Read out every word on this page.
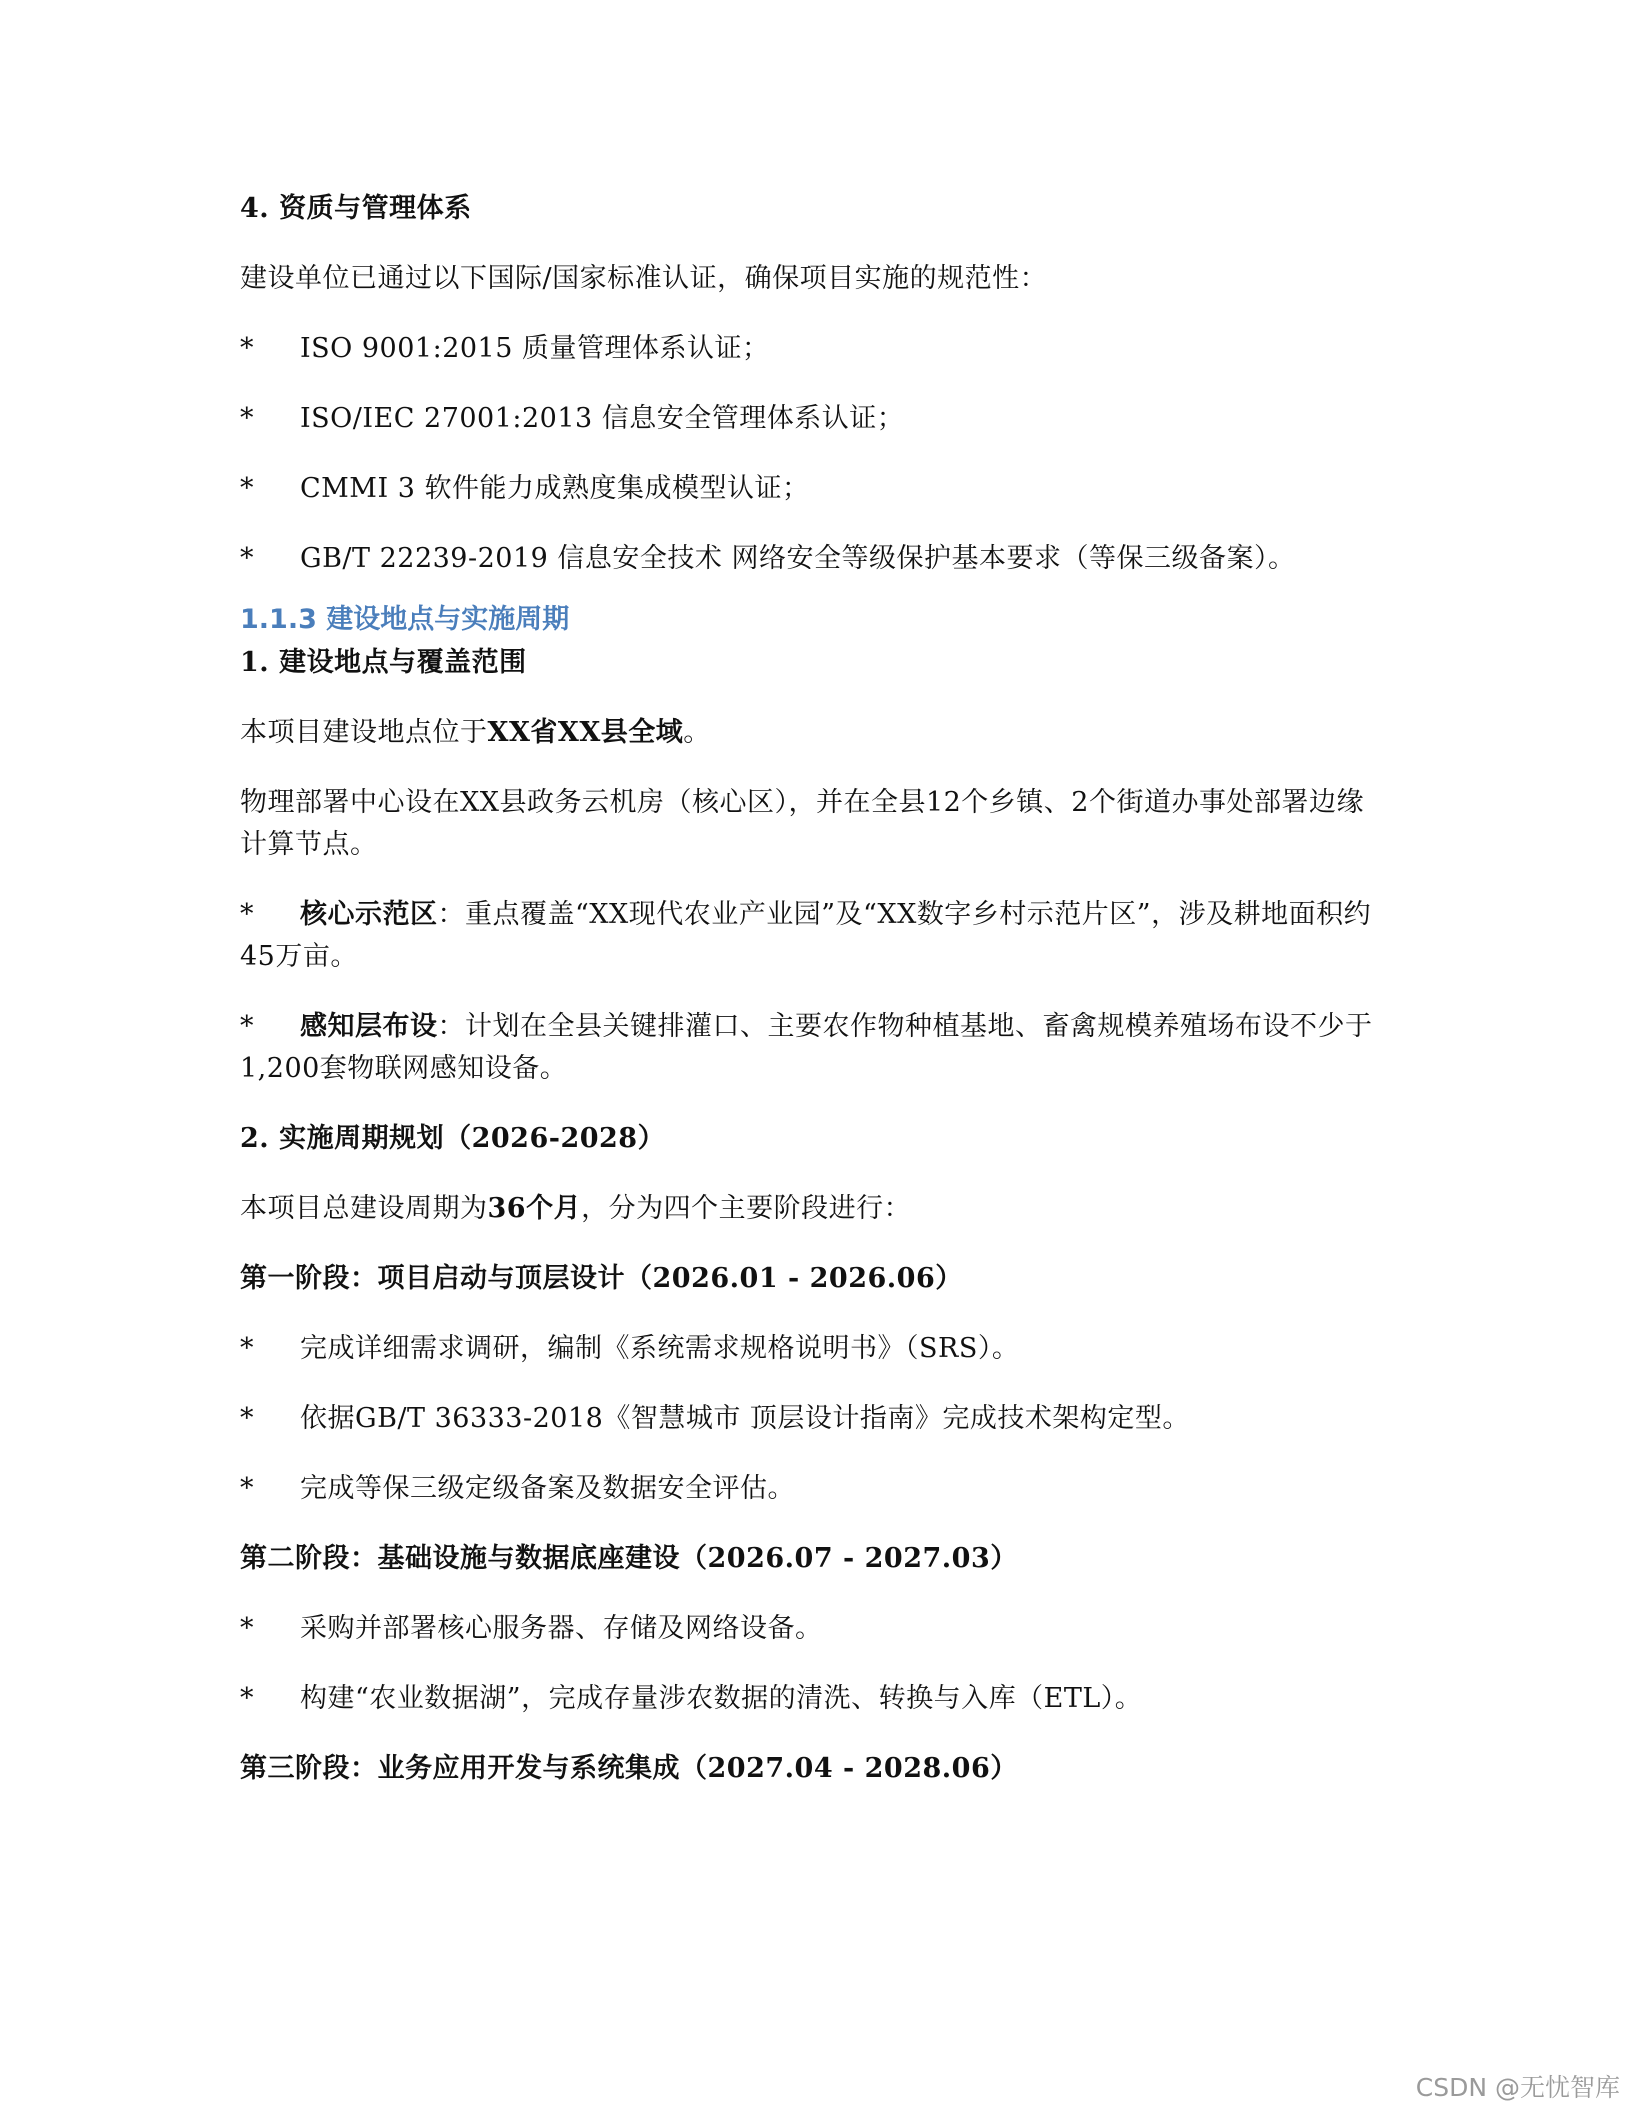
4. 资质与管理体系

建设单位已通过以下国际/国家标准认证，确保项目实施的规范性：

*	ISO 9001:2015 质量管理体系认证；
*	ISO/IEC 27001:2013 信息安全管理体系认证；
*	CMMI 3 软件能力成熟度集成模型认证；
*	GB/T 22239-2019 信息安全技术 网络安全等级保护基本要求（等保三级备案）。
1.1.3 建设地点与实施周期

1. 建设地点与覆盖范围

本项目建设地点位于XX省XX县全域。

物理部署中心设在XX县政务云机房（核心区），并在全县12个乡镇、2个街道办事处部署边缘计算节点。

* 核心示范区：重点覆盖“XX现代农业产业园”及“XX数字乡村示范片区”，涉及耕地面积约45万亩。

* 感知层布设：计划在全县关键排灌口、主要农作物种植基地、畜禽规模养殖场布设不少于1,200套物联网感知设备。

2. 实施周期规划（2026-2028）

本项目总建设周期为36个月，分为四个主要阶段进行：

第一阶段：项目启动与顶层设计（2026.01 - 2026.06）

*	完成详细需求调研，编制《系统需求规格说明书》（SRS）。
*	依据GB/T 36333-2018《智慧城市 顶层设计指南》完成技术架构定型。
*	完成等保三级定级备案及数据安全评估。

第二阶段：基础设施与数据底座建设（2026.07 - 2027.03）

*	采购并部署核心服务器、存储及网络设备。
*	构建“农业数据湖”，完成存量涉农数据的清洗、转换与入库（ETL）。

第三阶段：业务应用开发与系统集成（2027.04 - 2028.06）

CSDN @无忧智库
